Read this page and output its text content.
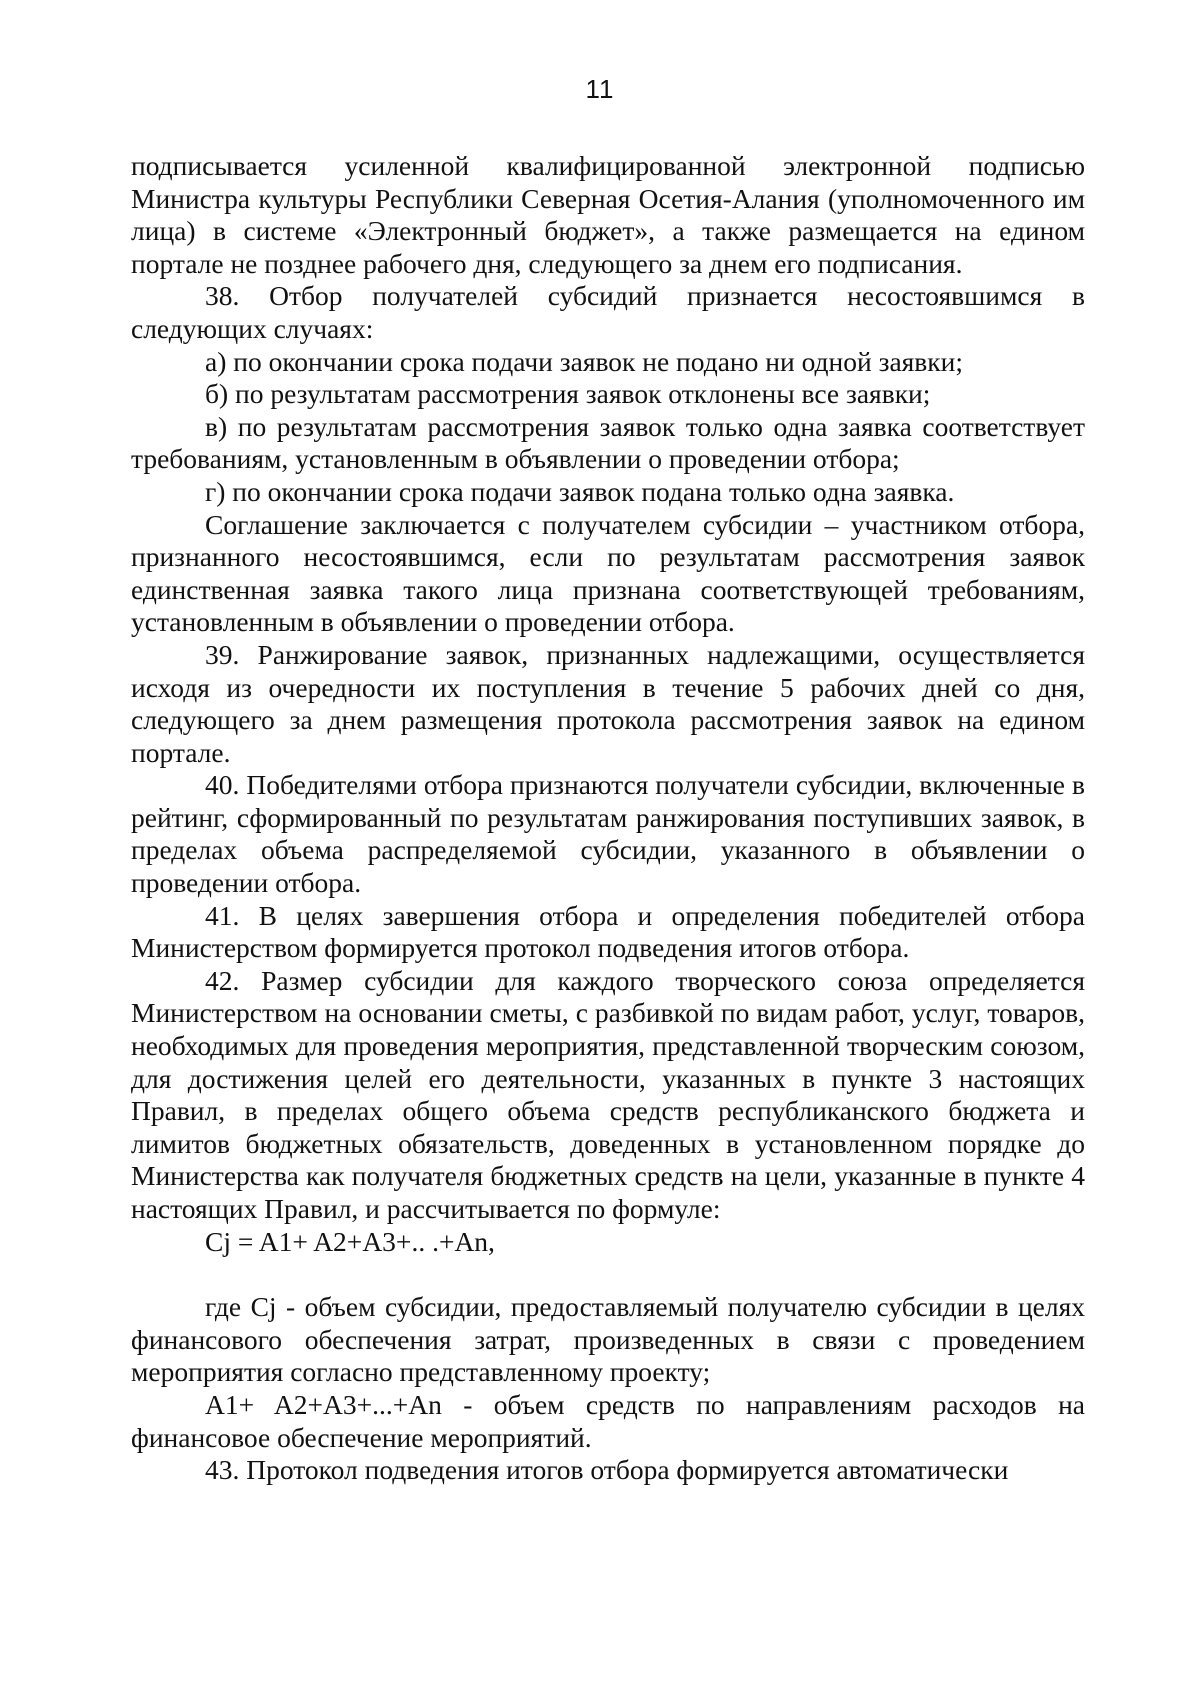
11

подписывается усиленной квалифицированной электронной подписью Министра культуры Республики Северная Осетия-Алания (уполномоченного им лица) в системе «Электронный бюджет», а также размещается на едином портале не позднее рабочего дня, следующего за днем его подписания.

38. Отбор получателей субсидий признается несостоявшимся в следующих случаях:

а) по окончании срока подачи заявок не подано ни одной заявки;

б) по результатам рассмотрения заявок отклонены все заявки;

в) по результатам рассмотрения заявок только одна заявка соответствует требованиям, установленным в объявлении о проведении отбора;

г) по окончании срока подачи заявок подана только одна заявка.

Соглашение заключается с получателем субсидии – участником отбора, признанного несостоявшимся, если по результатам рассмотрения заявок единственная заявка такого лица признана соответствующей требованиям, установленным в объявлении о проведении отбора.

39. Ранжирование заявок, признанных надлежащими, осуществляется исходя из очередности их поступления в течение 5 рабочих дней со дня, следующего за днем размещения протокола рассмотрения заявок на едином портале.

40. Победителями отбора признаются получатели субсидии, включенные в рейтинг, сформированный по результатам ранжирования поступивших заявок, в пределах объема распределяемой субсидии, указанного в объявлении о проведении отбора.

41. В целях завершения отбора и определения победителей отбора Министерством формируется протокол подведения итогов отбора.

42. Размер субсидии для каждого творческого союза определяется Министерством на основании сметы, с разбивкой по видам работ, услуг, товаров, необходимых для проведения мероприятия, представленной творческим союзом, для достижения целей его деятельности, указанных в пункте 3 настоящих Правил, в пределах общего объема средств республиканского бюджета и лимитов бюджетных обязательств, доведенных в установленном порядке до Министерства как получателя бюджетных средств на цели, указанные в пункте 4 настоящих Правил, и рассчитывается по формуле:

Cj = A1+ A2+A3+.. .+An,

где Cj - объем субсидии, предоставляемый получателю субсидии в целях финансового обеспечения затрат, произведенных в связи с проведением мероприятия согласно представленному проекту;

A1+ A2+A3+...+An - объем средств по направлениям расходов на финансовое обеспечение мероприятий.

43. Протокол подведения итогов отбора формируется автоматически
